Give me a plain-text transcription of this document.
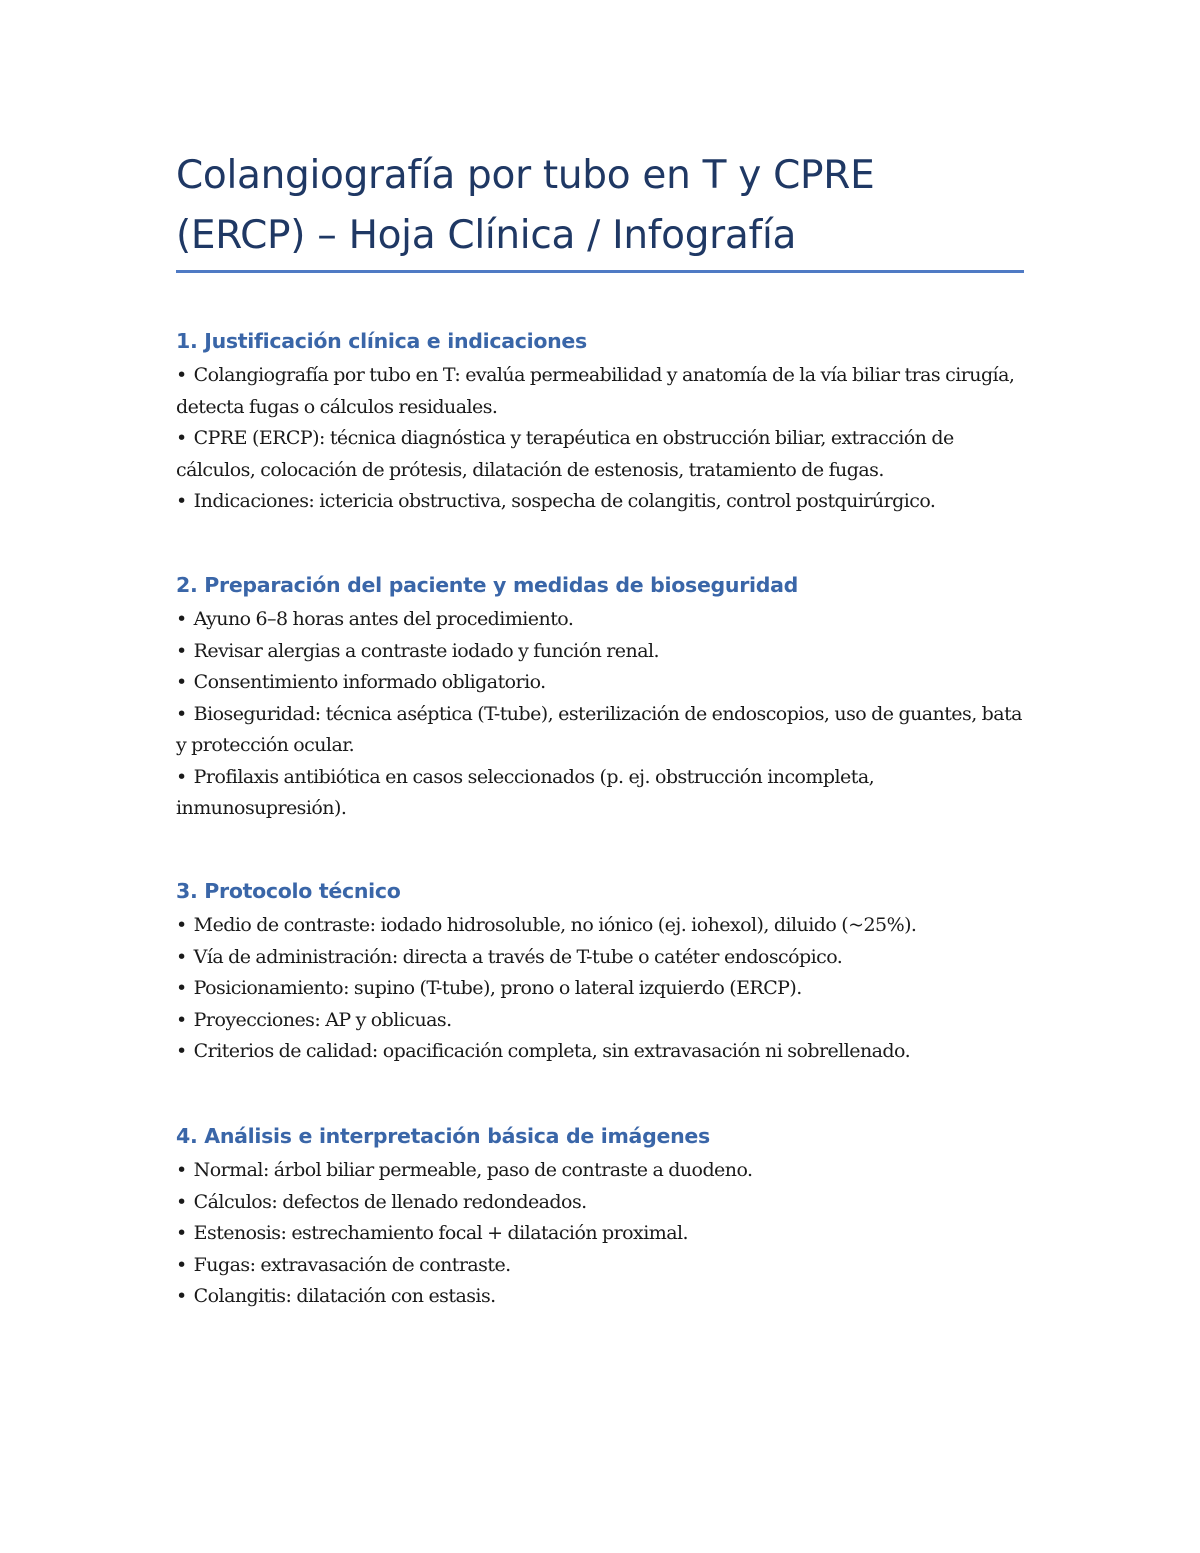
Colangiografía por tubo en T y CPRE
(ERCP) – Hoja Clínica / Infografía
1. Justificación clínica e indicaciones
• Colangiografía por tubo en T: evalúa permeabilidad y anatomía de la vía biliar tras cirugía, detecta fugas o cálculos residuales.
• CPRE (ERCP): técnica diagnóstica y terapéutica en obstrucción biliar, extracción de cálculos, colocación de prótesis, dilatación de estenosis, tratamiento de fugas.
• Indicaciones: ictericia obstructiva, sospecha de colangitis, control postquirúrgico.
2. Preparación del paciente y medidas de bioseguridad
• Ayuno 6–8 horas antes del procedimiento.
• Revisar alergias a contraste iodado y función renal.
• Consentimiento informado obligatorio.
• Bioseguridad: técnica aséptica (T-tube), esterilización de endoscopios, uso de guantes, bata y protección ocular.
• Profilaxis antibiótica en casos seleccionados (p. ej. obstrucción incompleta, inmunosupresión).
3. Protocolo técnico
• Medio de contraste: iodado hidrosoluble, no iónico (ej. iohexol), diluido (~25%).
• Vía de administración: directa a través de T-tube o catéter endoscópico.
• Posicionamiento: supino (T-tube), prono o lateral izquierdo (ERCP).
• Proyecciones: AP y oblicuas.
• Criterios de calidad: opacificación completa, sin extravasación ni sobrellenado.
4. Análisis e interpretación básica de imágenes
• Normal: árbol biliar permeable, paso de contraste a duodeno.
• Cálculos: defectos de llenado redondeados.
• Estenosis: estrechamiento focal + dilatación proximal.
• Fugas: extravasación de contraste.
• Colangitis: dilatación con estasis.
